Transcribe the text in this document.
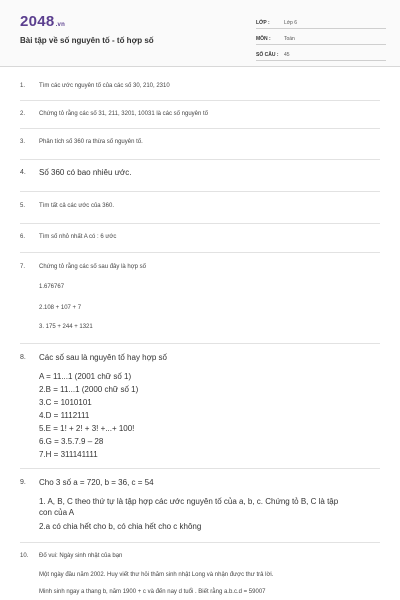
2048.vn
Bài tập về số nguyên tố - tố hợp số
LỚP :	Lớp 6
MÔN :	Toán
SỐ CÂU :	45
1.	Tìm các ước nguyên tố của các số 30, 210, 2310
2.	Chứng tỏ rằng các số 31, 211, 3201, 10031 là các số nguyên tố
3.	Phân tích số 360 ra thừa số nguyên tố.
4.	Số 360 có bao nhiêu ước.
5.	Tìm tất cả các ước của 360.
6.	Tìm số nhỏ nhất A có : 6 ước
7.	Chứng tỏ rằng các số sau đây là hợp số
1.676767
2.108 + 107 + 7
3. 175 + 244 + 1321
8.	Các số sau là nguyên tố hay hợp số
A = 11...1 (2001 chữ số 1)
2.B = 11...1 (2000 chữ số 1)
3.C = 1010101
4.D = 1112111
5.E = 1! + 2! + 3! +...+ 100!
6.G = 3.5.7.9 – 28
7.H = 311141111
9.	Cho 3 số a = 720, b = 36, c = 54
1. A, B, C theo thứ tự là tập hợp các ước nguyên tố của a, b, c. Chứng tỏ B, C là tập
con của A
2.a có chia hết cho b, có chia hết cho c không
10.	Đố vui: Ngày sinh nhật của bạn
Một ngày đầu năm 2002. Huy viết thư hỏi thăm sinh nhật Long và nhận được thư trả lời.
Minh sinh ngay a thang b, năm 1900 + c và đến nay d tuổi . Biết rằng a.b.c.d = 59007
